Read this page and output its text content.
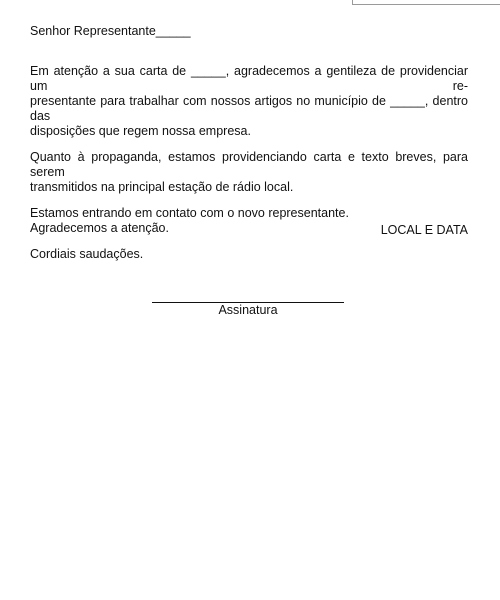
Senhor Representante_____

Em atenção a sua carta de _____, agradecemos a gentileza de providenciar um re-

presentante para trabalhar com nossos artigos no município de _____, dentro das

disposições que regem nossa empresa.

Quanto à propaganda, estamos providenciando carta e texto breves, para serem

transmitidos na principal estação de rádio local.

Estamos entrando em contato com o novo representante.

Agradecemos a atenção.

Cordiais saudações.

LOCAL E DATA
Assinatura
